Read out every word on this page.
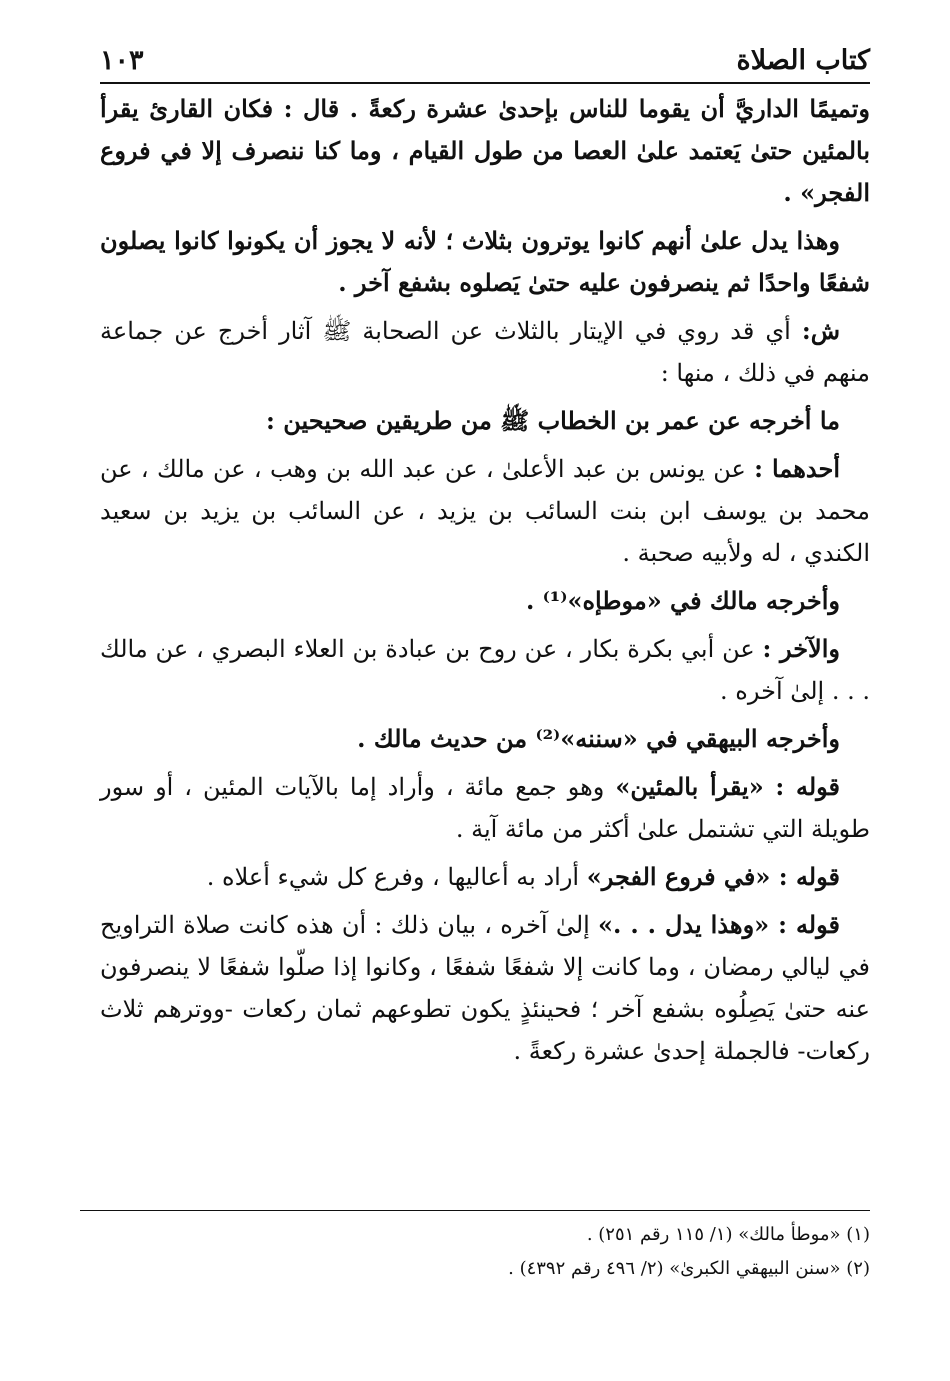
كتاب الصلاة
١٠٣

وتميمًا الداريَّ أن يقوما للناس بإحدىٰ عشرة ركعةً . قال : فكان القارئ يقرأ بالمئين حتىٰ يَعتمد علىٰ العصا من طول القيام ، وما كنا ننصرف إلا في فروع الفجر» .

وهذا يدل علىٰ أنهم كانوا يوترون بثلاث ؛ لأنه لا يجوز أن يكونوا كانوا يصلون شفعًا واحدًا ثم ينصرفون عليه حتىٰ يَصلوه بشفع آخر .

ش: أي قد روي في الإيتار بالثلاث عن الصحابة ﷺ آثار أخرج عن جماعة منهم في ذلك ، منها :

ما أخرجه عن عمر بن الخطاب ﷺ من طريقين صحيحين :

أحدهما : عن يونس بن عبد الأعلىٰ ، عن عبد الله بن وهب ، عن مالك ، عن محمد بن يوسف ابن بنت السائب بن يزيد ، عن السائب بن يزيد بن سعيد الكندي ، له ولأبيه صحبة .

وأخرجه مالك في «موطإه»⁽¹⁾ .

والآخر : عن أبي بكرة بكار ، عن روح بن عبادة بن العلاء البصري ، عن مالك . . . إلىٰ آخره .

وأخرجه البيهقي في «سننه»⁽²⁾ من حديث مالك .

قوله : «يقرأ بالمئين» وهو جمع مائة ، وأراد إما بالآيات المئين ، أو سور طويلة التي تشتمل علىٰ أكثر من مائة آية .

قوله : «في فروع الفجر» أراد به أعاليها ، وفرع كل شيء أعلاه .

قوله : «وهذا يدل . . .» إلىٰ آخره ، بيان ذلك : أن هذه كانت صلاة التراويح في ليالي رمضان ، وما كانت إلا شفعًا شفعًا ، وكانوا إذا صلّوا شفعًا لا ينصرفون عنه حتىٰ يَصِلُوه بشفع آخر ؛ فحينئذٍ يكون تطوعهم ثمان ركعات -ووترهم ثلاث ركعات- فالجملة إحدىٰ عشرة ركعةً .

(١) «موطأ مالك» (١/ ١١٥ رقم ٢٥١) .
(٢) «سنن البيهقي الكبرىٰ» (٢/ ٤٩٦ رقم ٤٣٩٢) .
